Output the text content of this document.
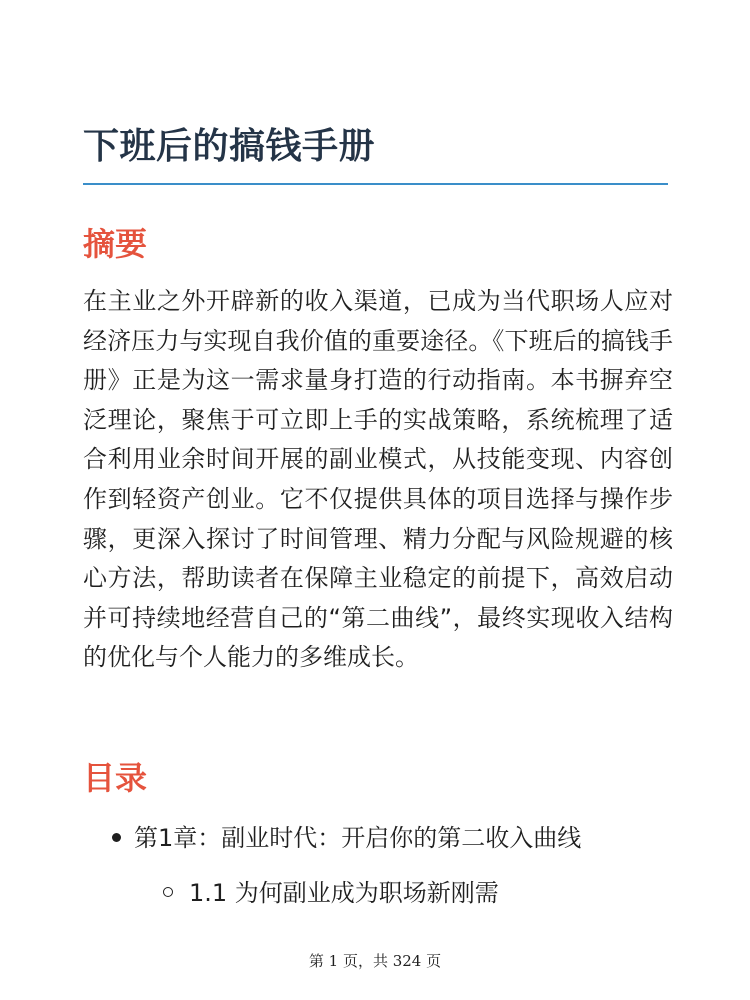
下班后的搞钱手册
摘要

在主业之外开辟新的收入渠道，已成为当代职场人应对经济压力与实现自我价值的重要途径。《下班后的搞钱手册》正是为这一需求量身打造的行动指南。本书摒弃空泛理论，聚焦于可立即上手的实战策略，系统梳理了适合利用业余时间开展的副业模式，从技能变现、内容创作到轻资产创业。它不仅提供具体的项目选择与操作步骤，更深入探讨了时间管理、精力分配与风险规避的核心方法，帮助读者在保障主业稳定的前提下，高效启动并可持续地经营自己的“第二曲线”，最终实现收入结构的优化与个人能力的多维成长。

目录
第1章：副业时代：开启你的第二收入曲线
1.1 为何副业成为职场新刚需
第 1 页，共 324 页
